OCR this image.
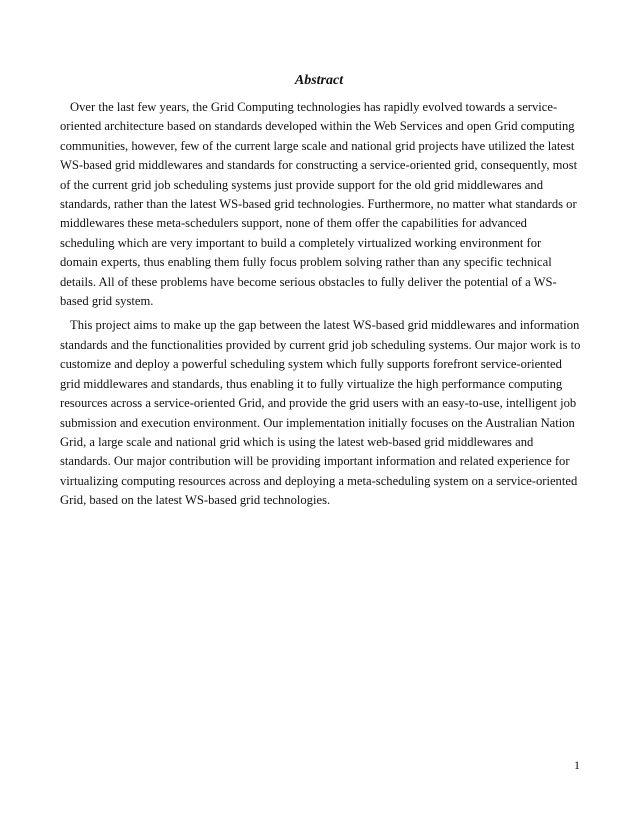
Abstract

Over the last few years, the Grid Computing technologies has rapidly evolved towards a service-oriented architecture based on standards developed within the Web Services and open Grid computing communities, however, few of the current large scale and national grid projects have utilized the latest WS-based grid middlewares and standards for constructing a service-oriented grid, consequently, most of the current grid job scheduling systems just provide support for the old grid middlewares and standards, rather than the latest WS-based grid technologies. Furthermore, no matter what standards or middlewares these meta-schedulers support, none of them offer the capabilities for advanced scheduling which are very important to build a completely virtualized working environment for domain experts, thus enabling them fully focus problem solving rather than any specific technical details. All of these problems have become serious obstacles to fully deliver the potential of a WS-based grid system.

This project aims to make up the gap between the latest WS-based grid middlewares and information standards and the functionalities provided by current grid job scheduling systems. Our major work is to customize and deploy a powerful scheduling system which fully supports forefront service-oriented grid middlewares and standards, thus enabling it to fully virtualize the high performance computing resources across a service-oriented Grid, and provide the grid users with an easy-to-use, intelligent job submission and execution environment. Our implementation initially focuses on the Australian Nation Grid, a large scale and national grid which is using the latest web-based grid middlewares and standards. Our major contribution will be providing important information and related experience for virtualizing computing resources across and deploying a meta-scheduling system on a service-oriented Grid, based on the latest WS-based grid technologies.

1
